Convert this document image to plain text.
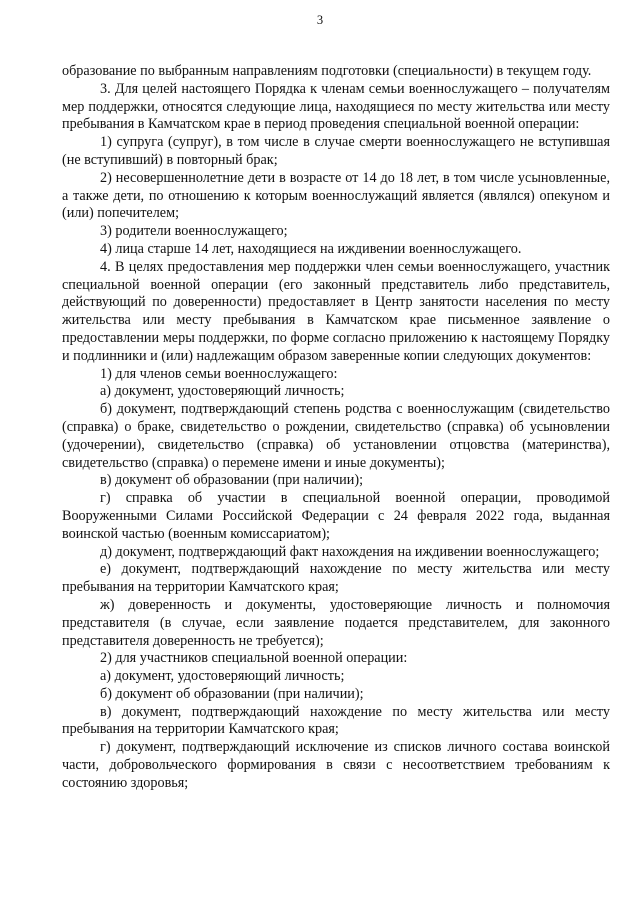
3

образование по выбранным направлениям подготовки (специальности) в текущем году.

3. Для целей настоящего Порядка к членам семьи военнослужащего – получателям мер поддержки, относятся следующие лица, находящиеся по месту жительства или месту пребывания в Камчатском крае в период проведения специальной военной операции:

1) супруга (супруг), в том числе в случае смерти военнослужащего не вступившая (не вступивший) в повторный брак;

2) несовершеннолетние дети в возрасте от 14 до 18 лет, в том числе усыновленные, а также дети, по отношению к которым военнослужащий является (являлся) опекуном и (или) попечителем;

3) родители военнослужащего;

4) лица старше 14 лет, находящиеся на иждивении военнослужащего.

4. В целях предоставления мер поддержки член семьи военнослужащего, участник специальной военной операции (его законный представитель либо представитель, действующий по доверенности) предоставляет в Центр занятости населения по месту жительства или месту пребывания в Камчатском крае письменное заявление о предоставлении меры поддержки, по форме согласно приложению к настоящему Порядку и подлинники и (или) надлежащим образом заверенные копии следующих документов:

1) для членов семьи военнослужащего:

а) документ, удостоверяющий личность;

б) документ, подтверждающий степень родства с военнослужащим (свидетельство (справка) о браке, свидетельство о рождении, свидетельство (справка) об усыновлении (удочерении), свидетельство (справка) об установлении отцовства (материнства), свидетельство (справка) о перемене имени и иные документы);

в) документ об образовании (при наличии);

г) справка об участии в специальной военной операции, проводимой Вооруженными Силами Российской Федерации с 24 февраля 2022 года, выданная воинской частью (военным комиссариатом);

д) документ, подтверждающий факт нахождения на иждивении военнослужащего;

е) документ, подтверждающий нахождение по месту жительства или месту пребывания на территории Камчатского края;

ж) доверенность и документы, удостоверяющие личность и полномочия представителя (в случае, если заявление подается представителем, для законного представителя доверенность не требуется);

2) для участников специальной военной операции:

а) документ, удостоверяющий личность;

б) документ об образовании (при наличии);

в) документ, подтверждающий нахождение по месту жительства или месту пребывания на территории Камчатского края;

г) документ, подтверждающий исключение из списков личного состава воинской части, добровольческого формирования в связи с несоответствием требованиям к состоянию здоровья;
